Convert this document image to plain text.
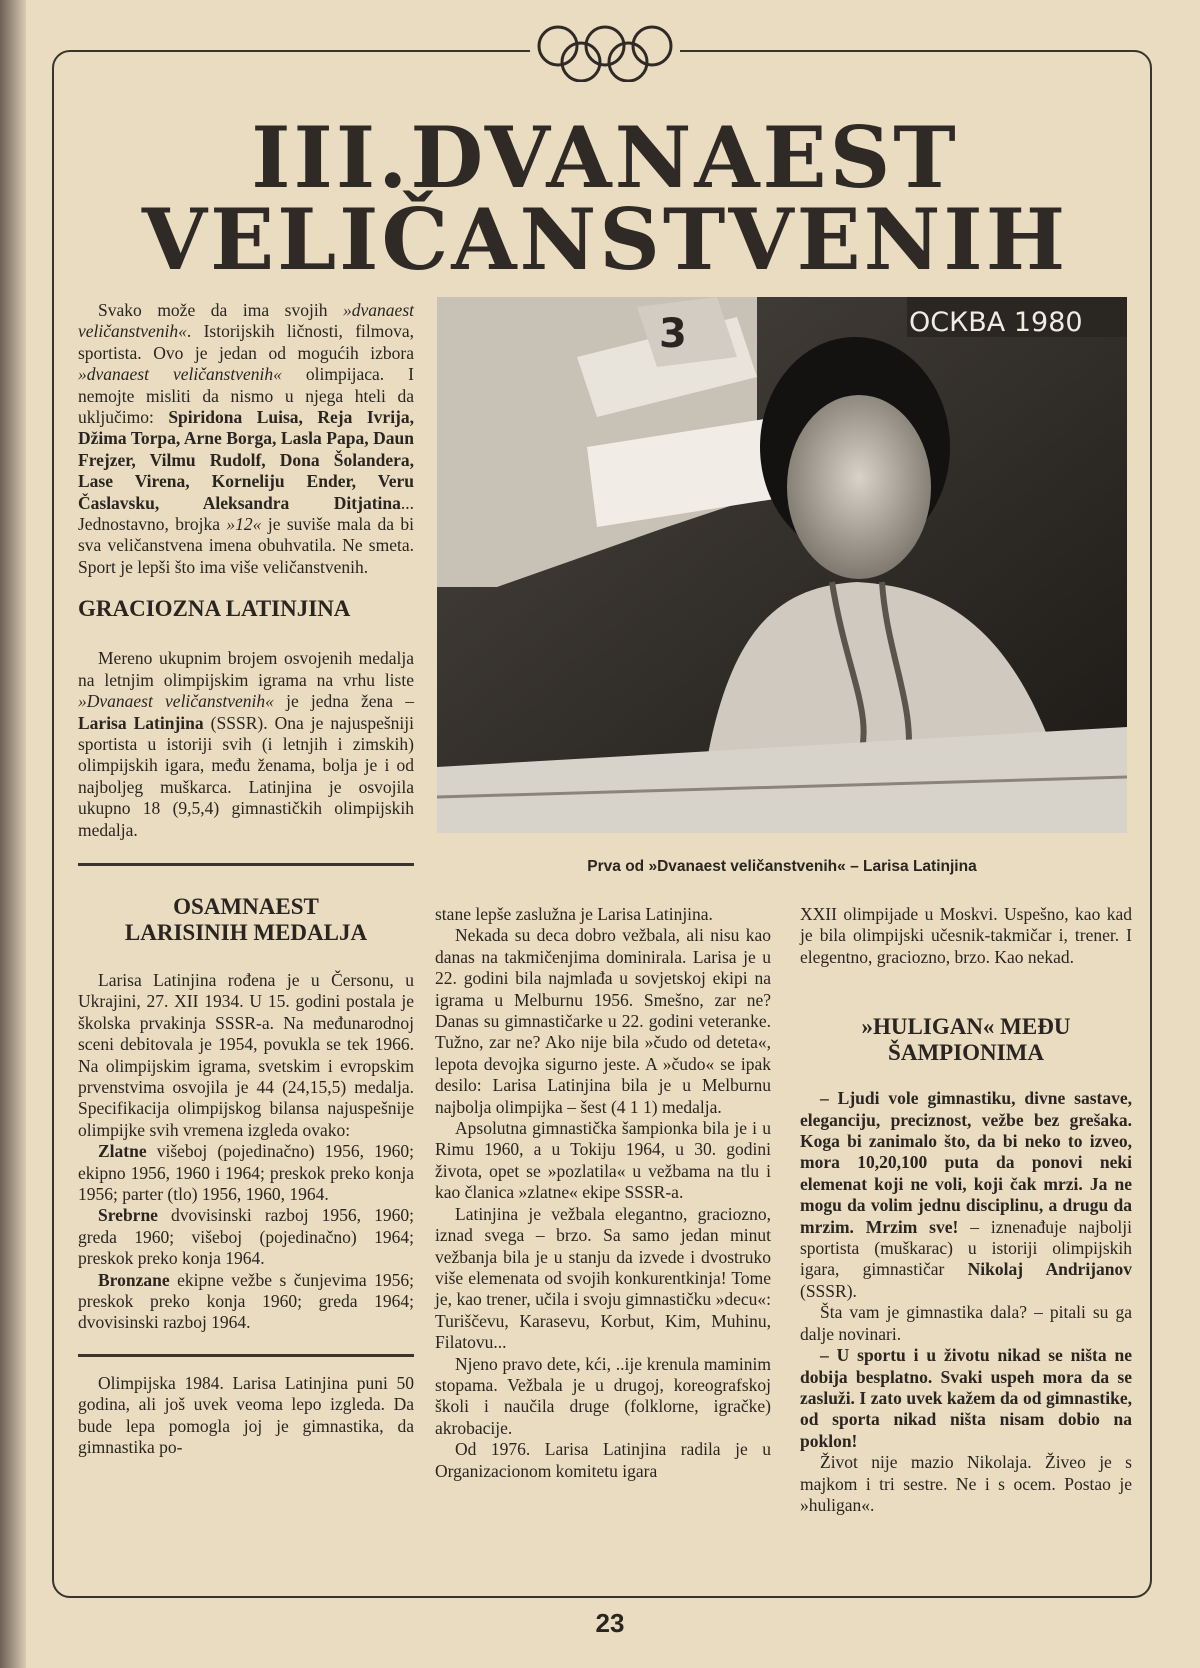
III.DVANAEST
VELIČANSTVENIH

Svako može da ima svojih »dvanaest veličanstvenih«. Istorijskih ličnosti, filmova, sportista. Ovo je jedan od mogućih izbora »dvanaest veličanstvenih« olimpijaca. I nemojte misliti da nismo u njega hteli da uključimo: Spiridona Luisa, Reja Ivrija, Džima Torpa, Arne Borga, Lasla Papa, Daun Frejzer, Vilmu Rudolf, Dona Šolandera, Lase Virena, Korneliju Ender, Veru Časlavsku, Aleksandra Ditjatina... Jednostavno, brojka »12« je suviše mala da bi sva veličanstvena imena obuhvatila. Ne smeta. Sport je lepši što ima više veličanstvenih.

GRACIOZNA LATINJINA

Mereno ukupnim brojem osvojenih medalja na letnjim olimpijskim igrama na vrhu liste »Dvanaest veličanstvenih« je jedna žena – Larisa Latinjina (SSSR). Ona je najuspešniji sportista u istoriji svih (i letnjih i zimskih) olimpijskih igara, među ženama, bolja je i od najboljeg muškarca. Latinjina je osvojila ukupno 18 (9,5,4) gimnastičkih olimpijskih medalja.

OSAMNAEST
LARISINIH MEDALJA

Larisa Latinjina rođena je u Čersonu, u Ukrajini, 27. XII 1934. U 15. godini postala je školska prvakinja SSSR-a. Na međunarodnoj sceni debitovala je 1954, povukla se tek 1966. Na olimpijskim igrama, svetskim i evropskim prvenstvima osvojila je 44 (24,15,5) medalja. Specifikacija olimpijskog bilansa najuspešnije olimpijke svih vremena izgleda ovako:

Zlatne višeboj (pojedinačno) 1956, 1960; ekipno 1956, 1960 i 1964; preskok preko konja 1956; parter (tlo) 1956, 1960, 1964.

Srebrne dvovisinski razboj 1956, 1960; greda 1960; višeboj (pojedinačno) 1964; preskok preko konja 1964.

Bronzane ekipne vežbe s čunjevima 1956; preskok preko konja 1960; greda 1964; dvovisinski razboj 1964.

Olimpijska 1984. Larisa Latinjina puni 50 godina, ali još uvek veoma lepo izgleda. Da bude lepa pomogla joj je gimnastika, da gimnastika po-

3	ОСКВА 1980
Prva od »Dvanaest veličanstvenih« – Larisa Latinjina

stane lepše zaslužna je Larisa Latinjina.

Nekada su deca dobro vežbala, ali nisu kao danas na takmičenjima dominirala. Larisa je u 22. godini bila najmlađa u sovjetskoj ekipi na igrama u Melburnu 1956. Smešno, zar ne? Danas su gimnastičarke u 22. godini veteranke. Tužno, zar ne? Ako nije bila »čudo od deteta«, lepota devojka sigurno jeste. A »čudo« se ipak desilo: Larisa Latinjina bila je u Melburnu najbolja olimpijka – šest (4 1 1) medalja.

Apsolutna gimnastička šampionka bila je i u Rimu 1960, a u Tokiju 1964, u 30. godini života, opet se »pozlatila« u vežbama na tlu i kao članica »zlatne« ekipe SSSR-a.

Latinjina je vežbala elegantno, graciozno, iznad svega – brzo. Sa samo jedan minut vežbanja bila je u stanju da izvede i dvostruko više elemenata od svojih konkurentkinja! Tome je, kao trener, učila i svoju gimnastičku »decu«: Turiščevu, Karasevu, Korbut, Kim, Muhinu, Filatovu...

Njeno pravo dete, kći, ..ije krenula maminim stopama. Vežbala je u drugoj, koreografskoj školi i naučila druge (folklorne, igračke) akrobacije.

Od 1976. Larisa Latinjina radila je u Organizacionom komitetu igara

XXII olimpijade u Moskvi. Uspešno, kao kad je bila olimpijski učesnik-takmičar i, trener. I elegentno, graciozno, brzo. Kao nekad.

»HULIGAN« MEĐU
ŠAMPIONIMA

– Ljudi vole gimnastiku, divne sastave, eleganciju, preciznost, vežbe bez grešaka. Koga bi zanimalo što, da bi neko to izveo, mora 10,20,100 puta da ponovi neki elemenat koji ne voli, koji čak mrzi. Ja ne mogu da volim jednu disciplinu, a drugu da mrzim. Mrzim sve! – iznenađuje najbolji sportista (muškarac) u istoriji olimpijskih igara, gimnastičar Nikolaj Andrijanov (SSSR).

Šta vam je gimnastika dala? – pitali su ga dalje novinari.

– U sportu i u životu nikad se ništa ne dobija besplatno. Svaki uspeh mora da se zasluži. I zato uvek kažem da od gimnastike, od sporta nikad ništa nisam dobio na poklon!

Život nije mazio Nikolaja. Živeo je s majkom i tri sestre. Ne i s ocem. Postao je »huligan«.

23
